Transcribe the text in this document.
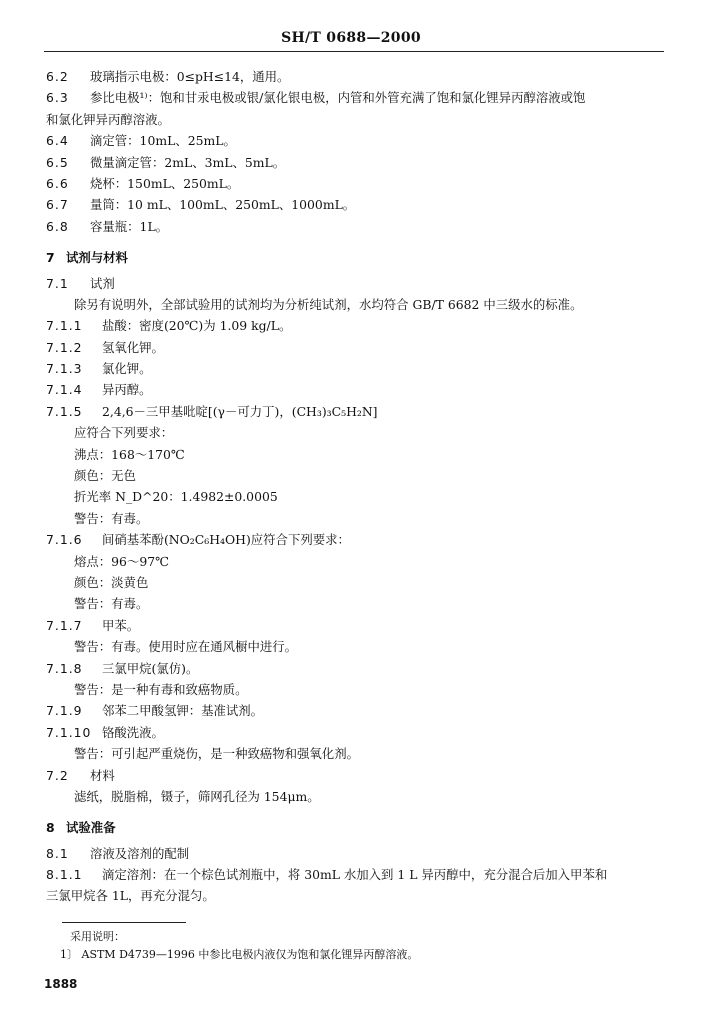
SH/T 0688—2000
6.2 玻璃指示电极：0≤pH≤14，通用。
6.3 参比电极¹⁾：饱和甘汞电极或银/氯化银电极，内管和外管充满了饱和氯化锂异丙醇溶液或饱
和氯化钾异丙醇溶液。
6.4 滴定管：10mL、25mL。
6.5 微量滴定管：2mL、3mL、5mL。
6.6 烧杯：150mL、250mL。
6.7 量筒：10 mL、100mL、250mL、1000mL。
6.8 容量瓶：1L。
7 试剂与材料
7.1 试剂
除另有说明外，全部试验用的试剂均为分析纯试剂，水均符合 GB/T 6682 中三级水的标准。
7.1.1 盐酸：密度(20℃)为 1.09 kg/L。
7.1.2 氢氧化钾。
7.1.3 氯化钾。
7.1.4 异丙醇。
7.1.5 2,4,6－三甲基吡啶[(γ－可力丁)，(CH₃)₃C₅H₂N]
应符合下列要求：
沸点：168～170℃
颜色：无色
折光率 N_D^20：1.4982±0.0005
警告：有毒。
7.1.6 间硝基苯酚(NO₂C₆H₄OH)应符合下列要求：
熔点：96～97℃
颜色：淡黄色
警告：有毒。
7.1.7 甲苯。
警告：有毒。使用时应在通风橱中进行。
7.1.8 三氯甲烷(氯仿)。
警告：是一种有毒和致癌物质。
7.1.9 邻苯二甲酸氢钾：基准试剂。
7.1.10 铬酸洗液。
警告：可引起严重烧伤，是一种致癌物和强氧化剂。
7.2 材料
滤纸，脱脂棉，镊子，筛网孔径为 154μm。
8 试验准备
8.1 溶液及溶剂的配制
8.1.1 滴定溶剂：在一个棕色试剂瓶中，将 30mL 水加入到 1 L 异丙醇中，充分混合后加入甲苯和
三氯甲烷各 1L，再充分混匀。
采用说明：
1〕 ASTM D4739—1996 中参比电极内液仅为饱和氯化锂异丙醇溶液。
1888
